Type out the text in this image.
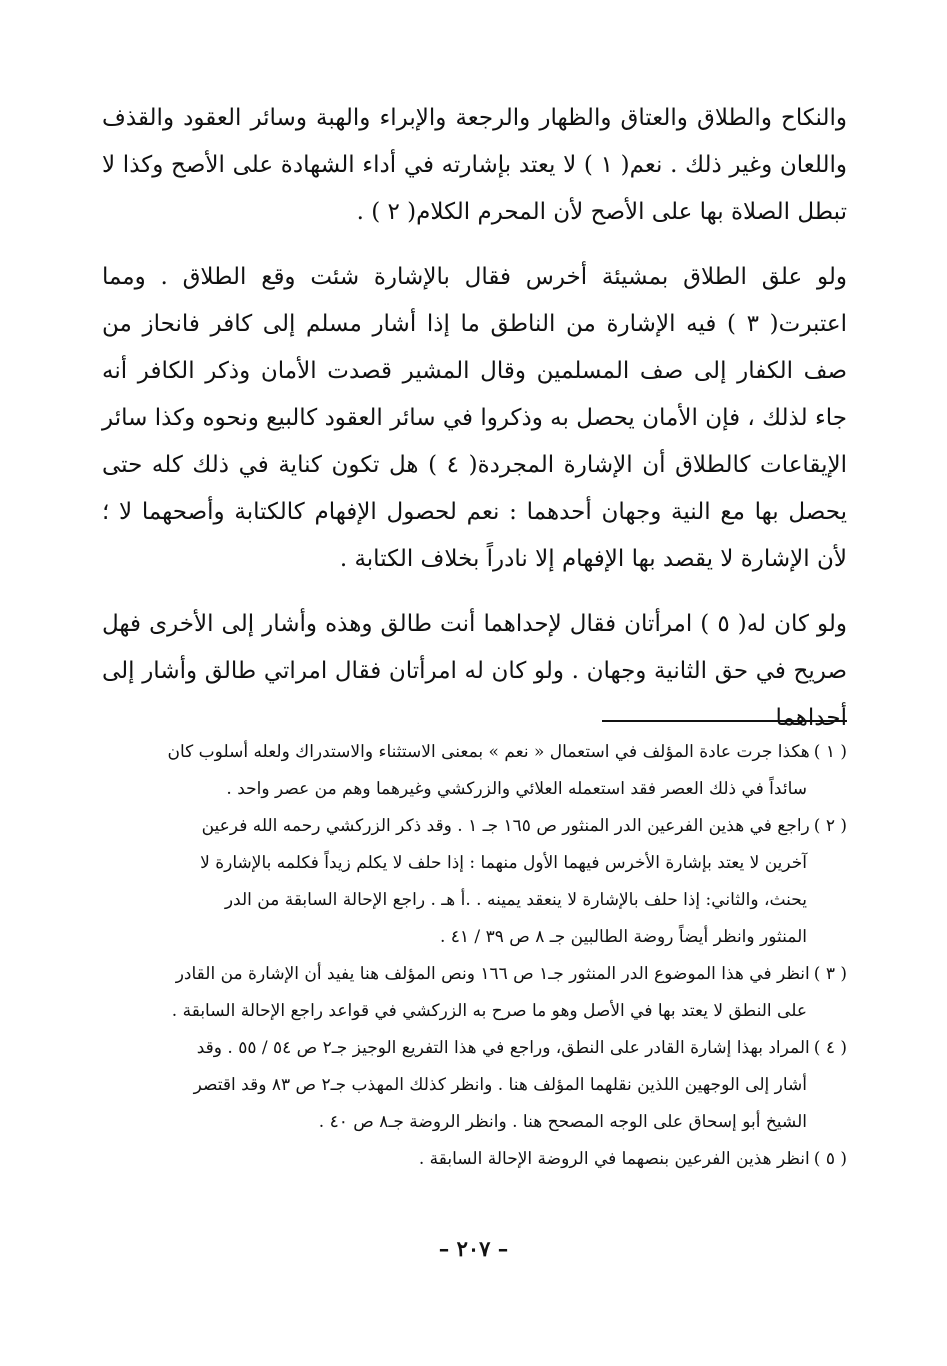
والنكاح والطلاق والعتاق والظهار والرجعة والإبراء والهبة وسائر العقود والقذف واللعان وغير ذلك . نعم( ١ ) لا يعتد بإشارته في أداء الشهادة على الأصح وكذا لا تبطل الصلاة بها على الأصح لأن المحرم الكلام( ٢ ) .

ولو علق الطلاق بمشيئة أخرس فقال بالإشارة شئت وقع الطلاق . ومما اعتبرت( ٣ ) فيه الإشارة من الناطق ما إذا أشار مسلم إلى كافر فانحاز من صف الكفار إلى صف المسلمين وقال المشير قصدت الأمان وذكر الكافر أنه جاء لذلك ، فإن الأمان يحصل به وذكروا في سائر العقود كالبيع ونحوه وكذا سائر الإيقاعات كالطلاق أن الإشارة المجردة( ٤ ) هل تكون كناية في ذلك كله حتى يحصل بها مع النية وجهان أحدهما : نعم لحصول الإفهام كالكتابة وأصحهما لا ؛ لأن الإشارة لا يقصد بها الإفهام إلا نادراً بخلاف الكتابة .

ولو كان له( ٥ ) امرأتان فقال لإحداهما أنت طالق وهذه وأشار إلى الأخرى فهل صريح في حق الثانية وجهان . ولو كان له امرأتان فقال امراتي طالق وأشار إلى أحداهما

( ١ )هكذا جرت عادة المؤلف في استعمال « نعم » بمعنى الاستثناء والاستدراك ولعله أسلوب كان
سائداً في ذلك العصر فقد استعمله العلائي والزركشي وغيرهما وهم من عصر واحد .
( ٢ )راجع في هذين الفرعين الدر المنثور ص ١٦٥ جـ ١ . وقد ذكر الزركشي رحمه الله فرعين
آخرين لا يعتد بإشارة الأخرس فيهما الأول منهما : إذا حلف لا يكلم زيداً فكلمه بالإشارة لا
يحنث، والثاني: إذا حلف بالإشارة لا ينعقد يمينه . .أ هـ . راجع الإحالة السابقة من الدر
المنثور وانظر أيضاً روضة الطالبين جـ ٨ ص ٣٩ / ٤١ .
( ٣ )انظر في هذا الموضوع الدر المنثور جـ١ ص ١٦٦ ونص المؤلف هنا يفيد أن الإشارة من القادر
على النطق لا يعتد بها في الأصل وهو ما صرح به الزركشي في قواعد راجع الإحالة السابقة .
( ٤ )المراد بهذا إشارة القادر على النطق، وراجع في هذا التفريع الوجيز جـ٢ ص ٥٤ / ٥٥ . وقد
أشار إلى الوجهين اللذين نقلهما المؤلف هنا . وانظر كذلك المهذب جـ٢ ص ٨٣ وقد اقتصر
الشيخ أبو إسحاق على الوجه المصحح هنا . وانظر الروضة جـ٨ ص ٤٠ .
( ٥ )انظر هذين الفرعين بنصهما في الروضة الإحالة السابقة .
– ٢٠٧ –
